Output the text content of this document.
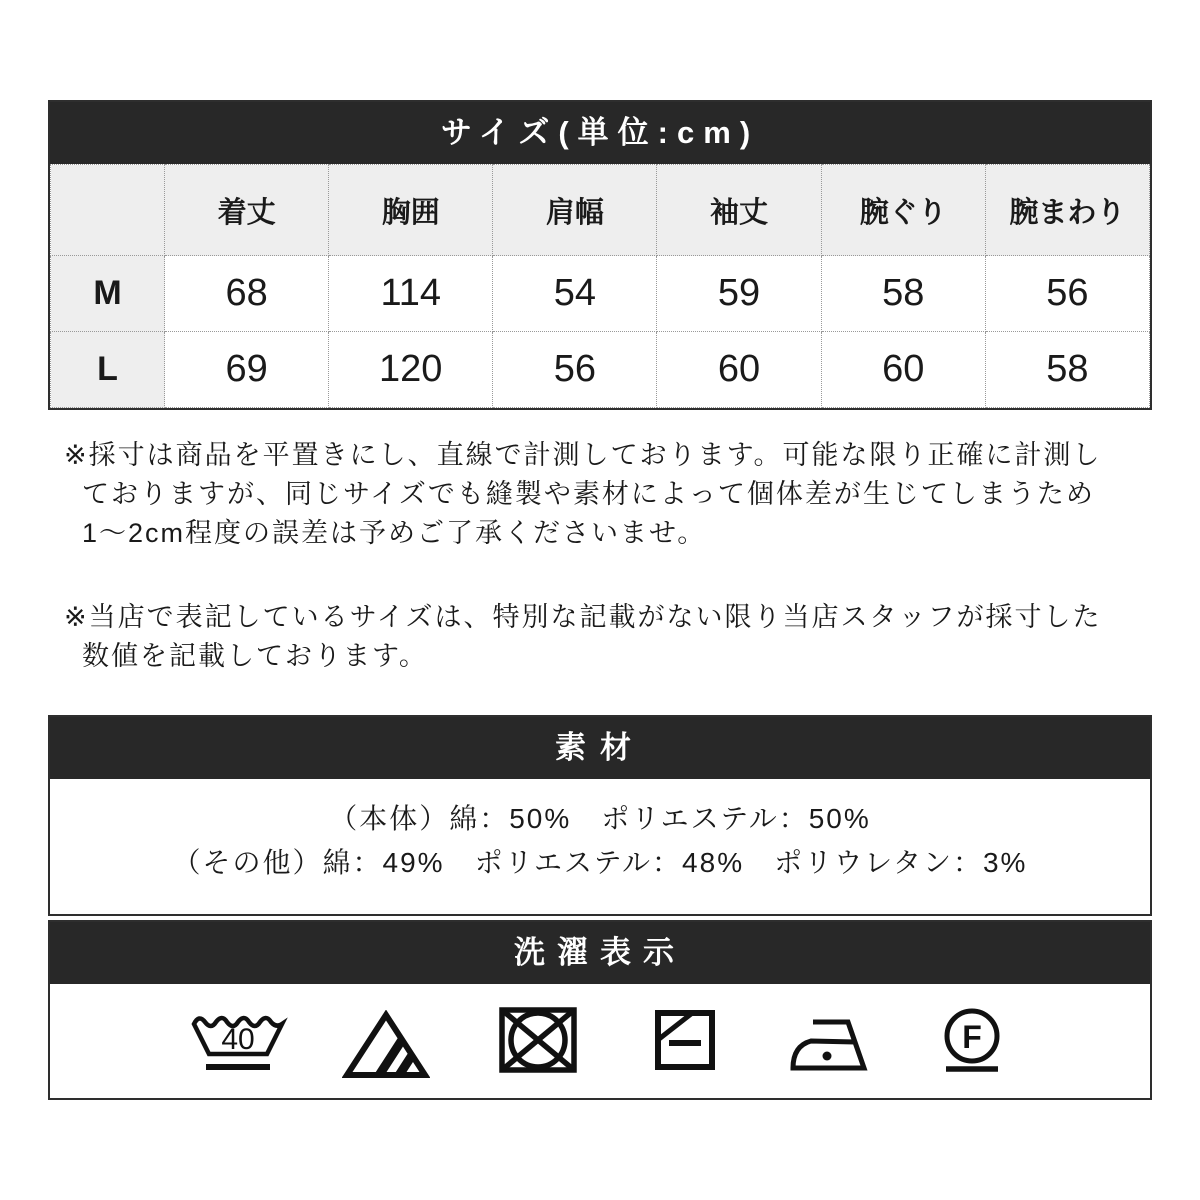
サイズ(単位:cm)
	着丈	胸囲	肩幅	袖丈	腕ぐり	腕まわり
M	68	114	54	59	58	56
L	69	120	56	60	60	58
※採寸は商品を平置きにし、直線で計測しております。可能な限り正確に計測し
ておりますが、同じサイズでも縫製や素材によって個体差が生じてしまうため
1〜2cm程度の誤差は予めご了承くださいませ。
※当店で表記しているサイズは、特別な記載がない限り当店スタッフが採寸した
数値を記載しております。
素材
（本体）綿：50%　ポリエステル：50%
（その他）綿：49%　ポリエステル：48%　ポリウレタン：3%
洗濯表示
40	F
